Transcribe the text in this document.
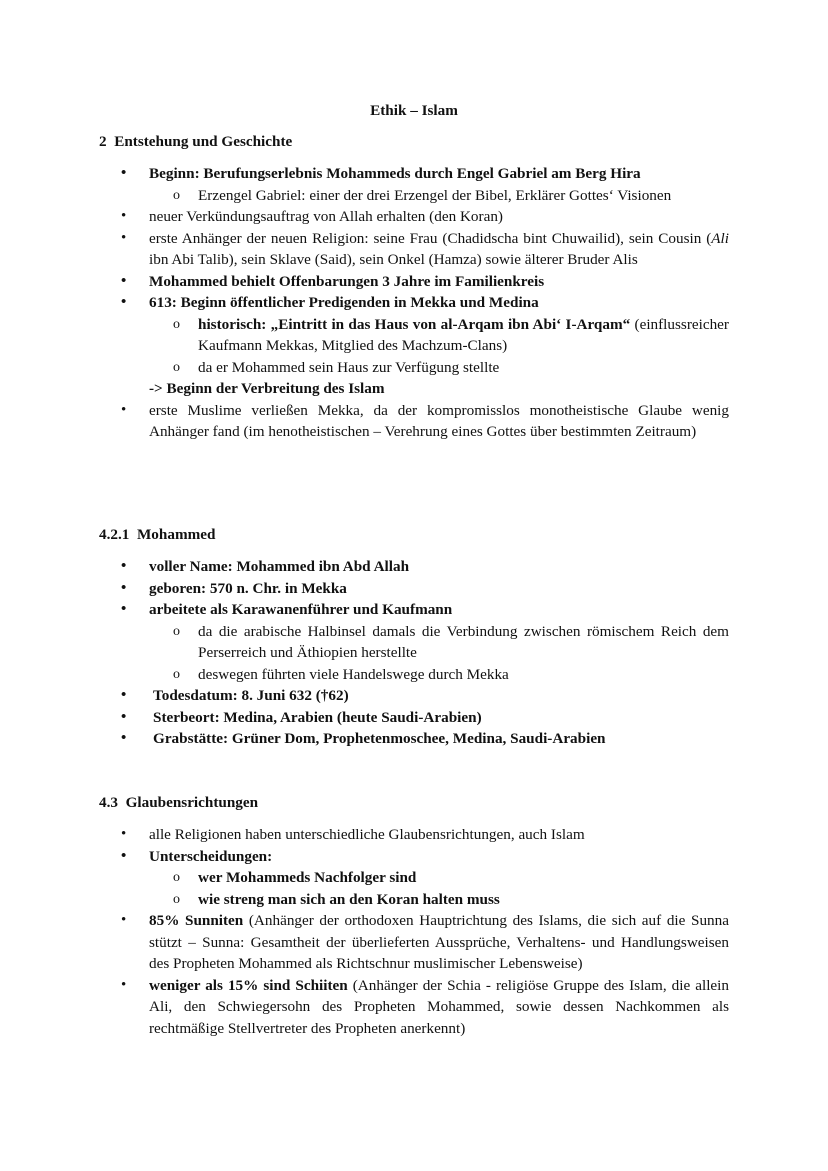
Ethik – Islam
2  Entstehung und Geschichte
• Beginn: Berufungserlebnis Mohammeds durch Engel Gabriel am Berg Hira
o Erzengel Gabriel: einer der drei Erzengel der Bibel, Erklärer Gottes‘ Visionen
• neuer Verkündungsauftrag von Allah erhalten (den Koran)
• erste Anhänger der neuen Religion: seine Frau (Chadidscha bint Chuwailid), sein Cousin (Ali ibn Abi Talib), sein Sklave (Said), sein Onkel (Hamza) sowie älterer Bruder Alis
• Mohammed behielt Offenbarungen 3 Jahre im Familienkreis
• 613: Beginn öffentlicher Predigenden in Mekka und Medina
o historisch: „Eintritt in das Haus von al-Arqam ibn Abi‘ I-Arqam“ (einflussreicher Kaufmann Mekkas, Mitglied des Machzum-Clans)
o da er Mohammed sein Haus zur Verfügung stellte
-> Beginn der Verbreitung des Islam
• erste Muslime verließen Mekka, da der kompromisslos monotheistische Glaube wenig Anhänger fand (im henotheistischen – Verehrung eines Gottes über bestimmten Zeitraum)
4.2.1  Mohammed
• voller Name: Mohammed ibn Abd Allah
• geboren: 570 n. Chr. in Mekka
• arbeitete als Karawanenführer und Kaufmann
o da die arabische Halbinsel damals die Verbindung zwischen römischem Reich dem Perserreich und Äthiopien herstellte
o deswegen führten viele Handelswege durch Mekka
• Todesdatum: 8. Juni 632 (†62)
• Sterbeort: Medina, Arabien (heute Saudi-Arabien)
• Grabstätte: Grüner Dom, Prophetenmoschee, Medina, Saudi-Arabien
4.3  Glaubensrichtungen
• alle Religionen haben unterschiedliche Glaubensrichtungen, auch Islam
• Unterscheidungen:
o wer Mohammeds Nachfolger sind
o wie streng man sich an den Koran halten muss
• 85% Sunniten (Anhänger der orthodoxen Hauptrichtung des Islams, die sich auf die Sunna stützt – Sunna: Gesamtheit der überlieferten Aussprüche, Verhaltens- und Handlungsweisen des Propheten Mohammed als Richtschnur muslimischer Lebensweise)
• weniger als 15% sind Schiiten (Anhänger der Schia - religiöse Gruppe des Islam, die allein Ali, den Schwiegersohn des Propheten Mohammed, sowie dessen Nachkommen als rechtmäßige Stellvertreter des Propheten anerkennt)
